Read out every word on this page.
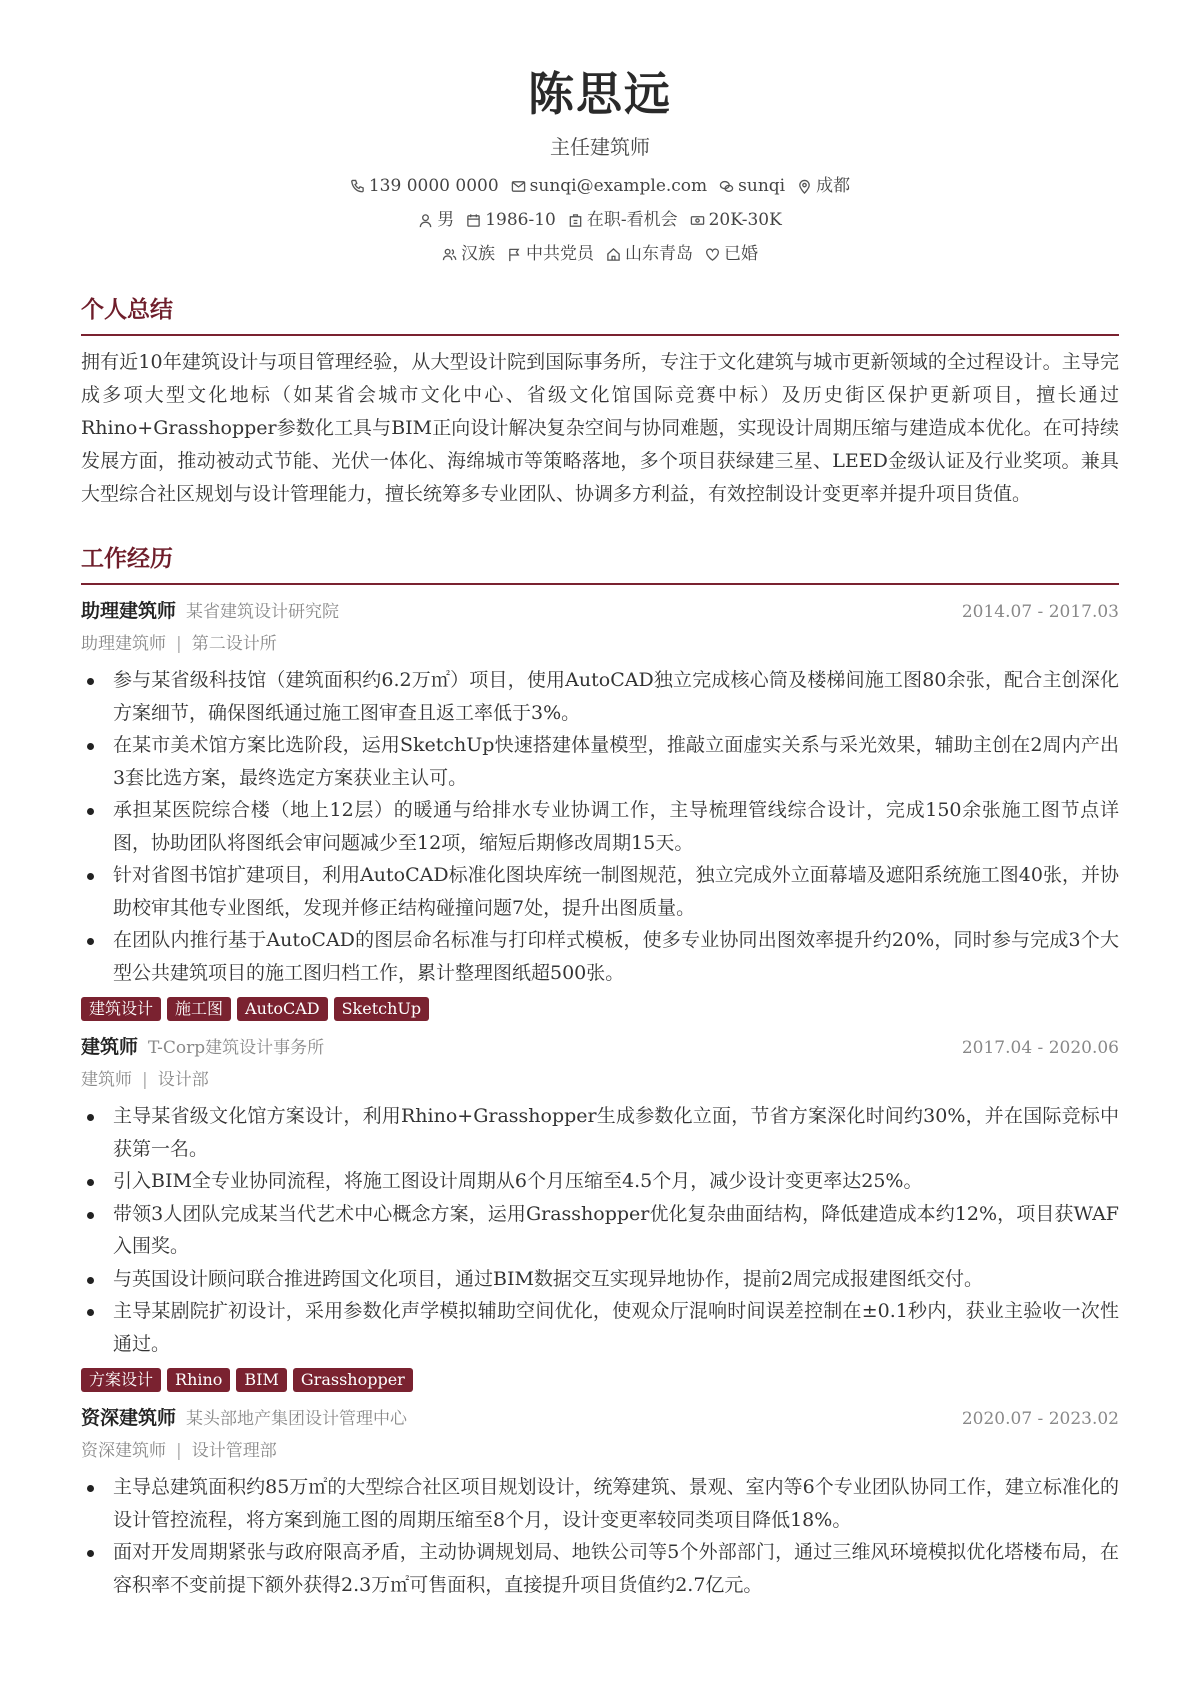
陈思远
主任建筑师
139 0000 0000 sunqi@example.com sunqi 成都
男 1986-10 在职-看机会 20K-30K
汉族 中共党员 山东青岛 已婚
个人总结
拥有近10年建筑设计与项目管理经验，从大型设计院到国际事务所，专注于文化建筑与城市更新领域的全过程设计。主导完成多项大型文化地标（如某省会城市文化中心、省级文化馆国际竞赛中标）及历史街区保护更新项目，擅长通过Rhino+Grasshopper参数化工具与BIM正向设计解决复杂空间与协同难题，实现设计周期压缩与建造成本优化。在可持续发展方面，推动被动式节能、光伏一体化、海绵城市等策略落地，多个项目获绿建三星、LEED金级认证及行业奖项。兼具大型综合社区规划与设计管理能力，擅长统筹多专业团队、协调多方利益，有效控制设计变更率并提升项目货值。
工作经历
助理建筑师 某省建筑设计研究院	2014.07 - 2017.03
助理建筑师 | 第二设计所
参与某省级科技馆（建筑面积约6.2万㎡）项目，使用AutoCAD独立完成核心筒及楼梯间施工图80余张，配合主创深化方案细节，确保图纸通过施工图审查且返工率低于3%。
在某市美术馆方案比选阶段，运用SketchUp快速搭建体量模型，推敲立面虚实关系与采光效果，辅助主创在2周内产出3套比选方案，最终选定方案获业主认可。
承担某医院综合楼（地上12层）的暖通与给排水专业协调工作，主导梳理管线综合设计，完成150余张施工图节点详图，协助团队将图纸会审问题减少至12项，缩短后期修改周期15天。
针对省图书馆扩建项目，利用AutoCAD标准化图块库统一制图规范，独立完成外立面幕墙及遮阳系统施工图40张，并协助校审其他专业图纸，发现并修正结构碰撞问题7处，提升出图质量。
在团队内推行基于AutoCAD的图层命名标准与打印样式模板，使多专业协同出图效率提升约20%，同时参与完成3个大型公共建筑项目的施工图归档工作，累计整理图纸超500张。
建筑设计	施工图	AutoCAD	SketchUp
建筑师 T-Corp建筑设计事务所	2017.04 - 2020.06
建筑师 | 设计部
主导某省级文化馆方案设计，利用Rhino+Grasshopper生成参数化立面，节省方案深化时间约30%，并在国际竞标中获第一名。
引入BIM全专业协同流程，将施工图设计周期从6个月压缩至4.5个月，减少设计变更率达25%。
带领3人团队完成某当代艺术中心概念方案，运用Grasshopper优化复杂曲面结构，降低建造成本约12%，项目获WAF入围奖。
与英国设计顾问联合推进跨国文化项目，通过BIM数据交互实现异地协作，提前2周完成报建图纸交付。
主导某剧院扩初设计，采用参数化声学模拟辅助空间优化，使观众厅混响时间误差控制在±0.1秒内，获业主验收一次性通过。
方案设计	Rhino	BIM	Grasshopper
资深建筑师 某头部地产集团设计管理中心	2020.07 - 2023.02
资深建筑师 | 设计管理部
主导总建筑面积约85万㎡的大型综合社区项目规划设计，统筹建筑、景观、室内等6个专业团队协同工作，建立标准化的设计管控流程，将方案到施工图的周期压缩至8个月，设计变更率较同类项目降低18%。
面对开发周期紧张与政府限高矛盾，主动协调规划局、地铁公司等5个外部部门，通过三维风环境模拟优化塔楼布局，在容积率不变前提下额外获得2.3万㎡可售面积，直接提升项目货值约2.7亿元。
